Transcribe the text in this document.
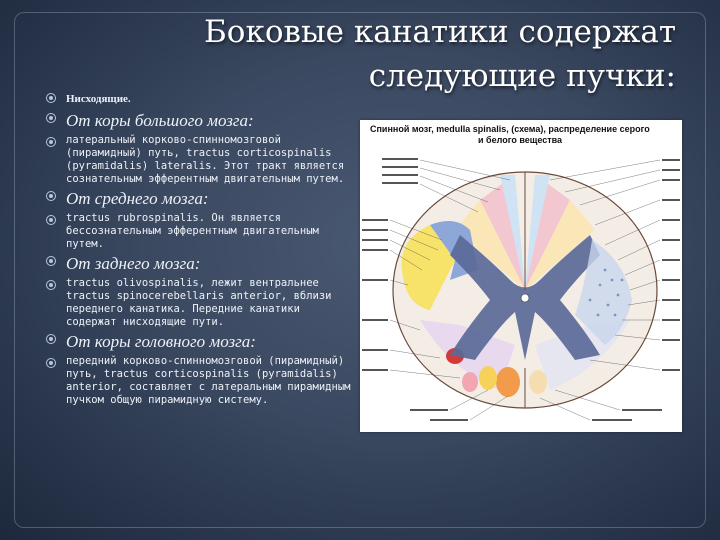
Боковые канатики содержат следующие пучки:
Нисходящие.
От коры большого мозга:
латеральный корково-спинномозговой (пирамидный) путь, tractus corticospinalis (pyramidalis) lateralis. Этот тракт является сознательным эфферентным двигательным путем.
От среднего мозга:
tractus rubrospinalis. Он является бессознательным эфферентным двигательным путем.
От заднего мозга:
tractus olivospinalis, лежит вентральнее tractus spinocerebellaris anterior, вблизи переднего канатика. Передние канатики содержат нисходящие пути.
От коры головного мозга:
передний корково-спинномозговой (пирамидный) путь, tractus corticospinalis (pyramidalis) anterior, составляет с латеральным пирамидным пучком общую пирамидную систему.
Спинной мозг, medulla spinalis, (схема), распределение серого
и белого вещества
